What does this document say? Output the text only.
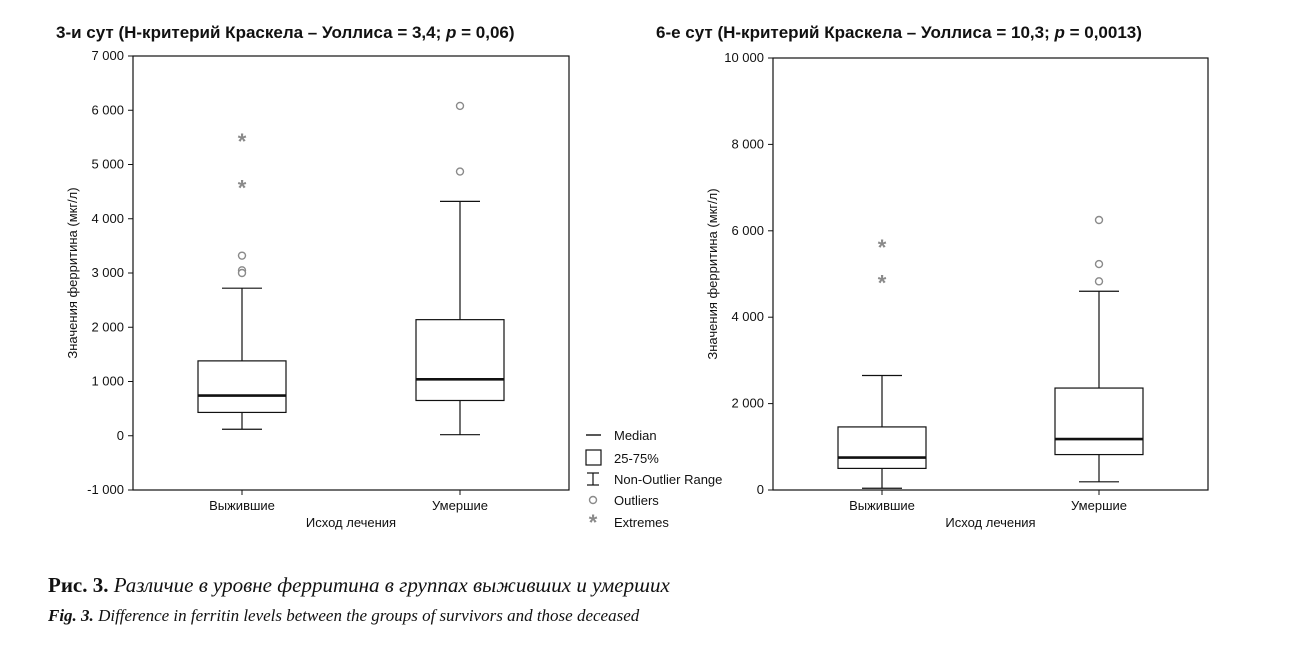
3-и сут (Н-критерий Краскела – Уоллиса = 3,4; p = 0,06)	6-е сут (Н-критерий Краскела – Уоллиса = 10,3; p = 0,0013)
-1 000
0
1 000
2 000
3 000
4 000
5 000
6 000
7 000
Выжившие	Умершие
Исход лечения
Значения ферритина (мкг/л)
*
*
0
2 000
4 000
6 000
8 000
10 000
Выжившие	Умершие
Исход лечения
Значения ферритина (мкг/л)	*
*
Median
25-75%
Non-Outlier Range
Outliers
* Extremes
Рис. 3. Различие в уровне ферритина в группах выживших и умерших
Fig. 3. Difference in ferritin levels between the groups of survivors and those deceased
